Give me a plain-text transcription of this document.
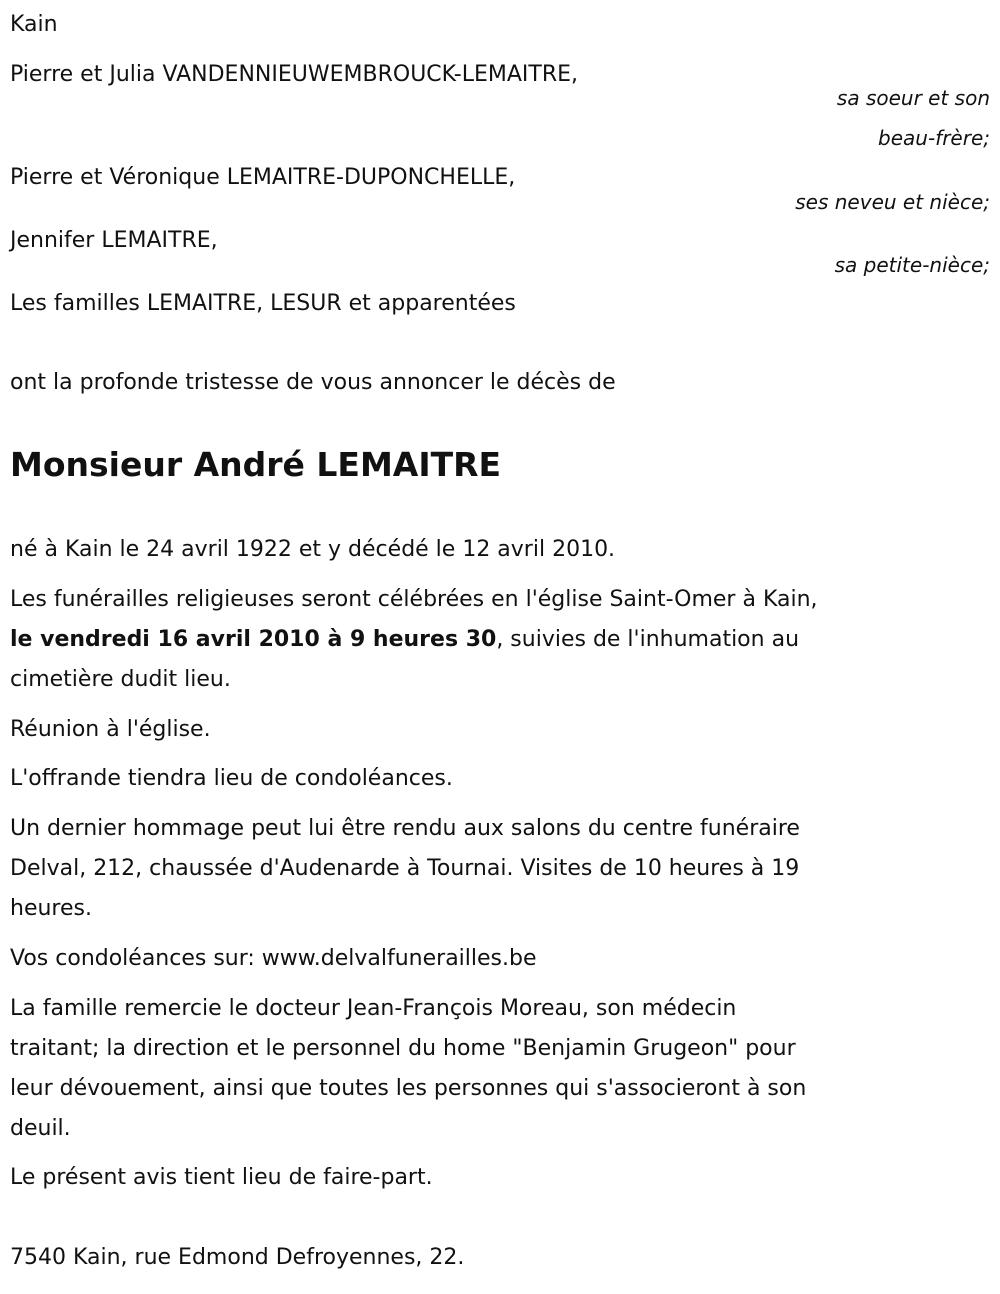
Kain
Pierre et Julia VANDENNIEUWEMBROUCK-LEMAITRE,
sa soeur et son
beau-frère;
Pierre et Véronique LEMAITRE-DUPONCHELLE,
ses neveu et nièce;
Jennifer LEMAITRE,
sa petite-nièce;
Les familles LEMAITRE, LESUR et apparentées
ont la profonde tristesse de vous annoncer le décès de
Monsieur André LEMAITRE
né à Kain le 24 avril 1922 et y décédé le 12 avril 2010.
Les funérailles religieuses seront célébrées en l'église Saint-Omer à Kain,
le vendredi 16 avril 2010 à 9 heures 30, suivies de l'inhumation au
cimetière dudit lieu.
Réunion à l'église.
L'offrande tiendra lieu de condoléances.
Un dernier hommage peut lui être rendu aux salons du centre funéraire
Delval, 212, chaussée d'Audenarde à Tournai. Visites de 10 heures à 19
heures.
Vos condoléances sur: www.delvalfunerailles.be
La famille remercie le docteur Jean-François Moreau, son médecin
traitant; la direction et le personnel du home "Benjamin Grugeon" pour
leur dévouement, ainsi que toutes les personnes qui s'associeront à son
deuil.
Le présent avis tient lieu de faire-part.
7540 Kain, rue Edmond Defroyennes, 22.
